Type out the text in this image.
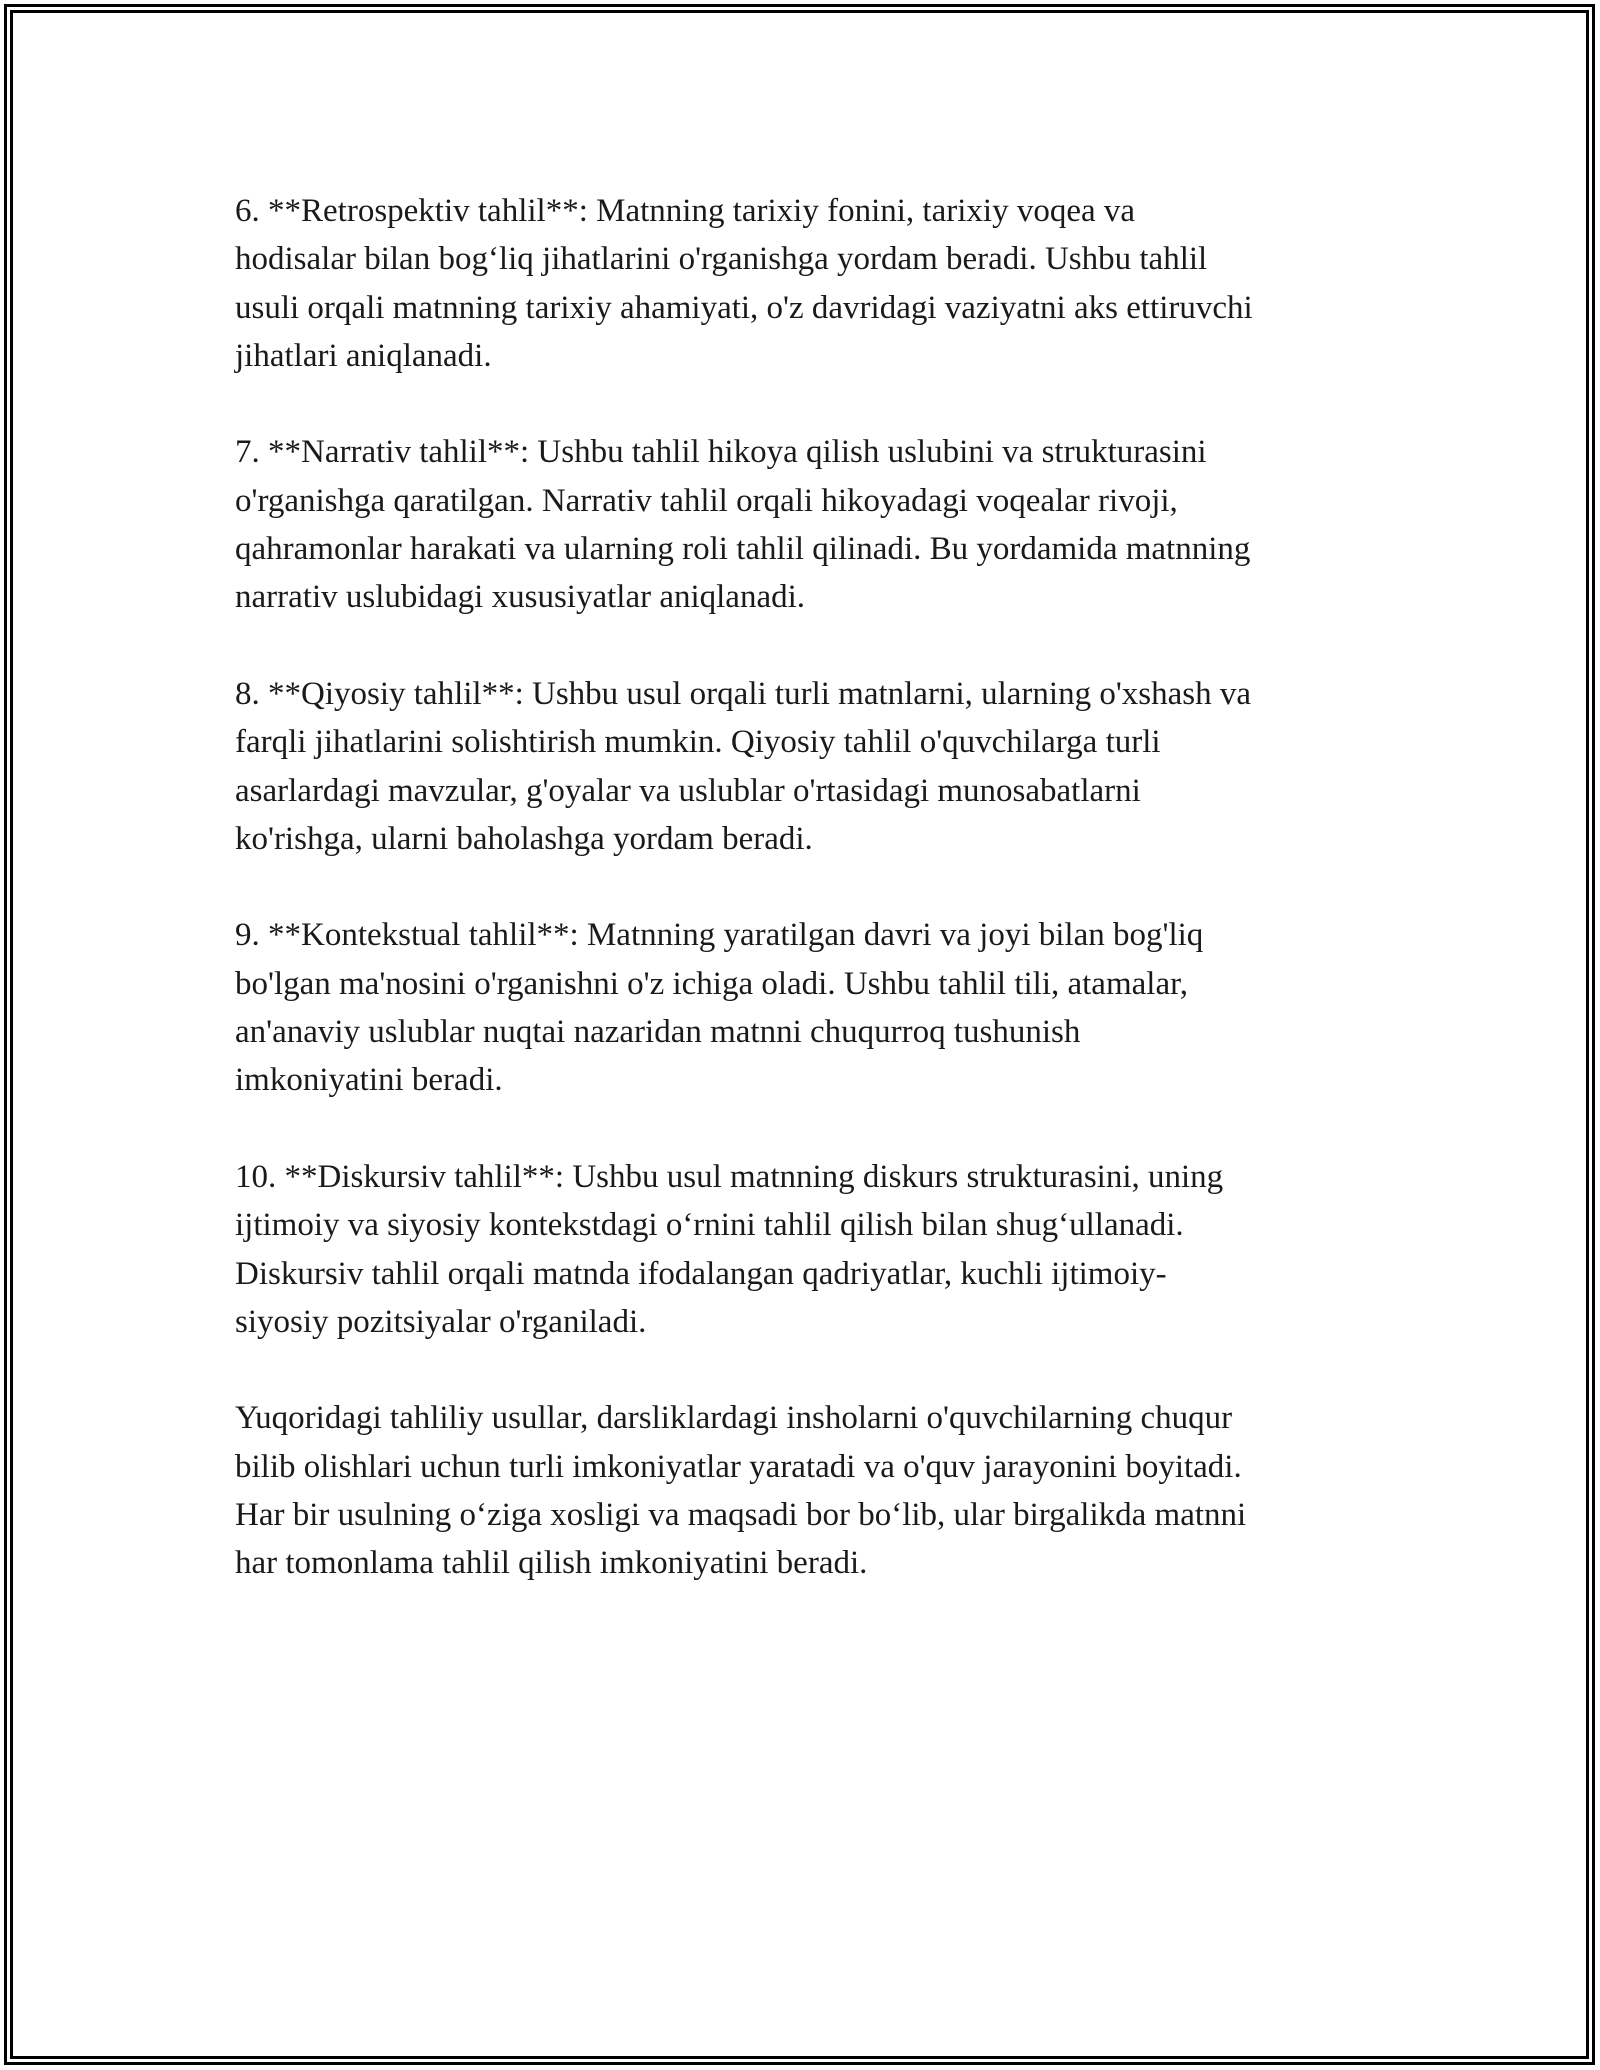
6. **Retrospektiv tahlil**: Matnning tarixiy fonini, tarixiy voqea va
hodisalar bilan bog‘liq jihatlarini o'rganishga yordam beradi. Ushbu tahlil
usuli orqali matnning tarixiy ahamiyati, o'z davridagi vaziyatni aks ettiruvchi
jihatlari aniqlanadi.

7. **Narrativ tahlil**: Ushbu tahlil hikoya qilish uslubini va strukturasini
o'rganishga qaratilgan. Narrativ tahlil orqali hikoyadagi voqealar rivoji,
qahramonlar harakati va ularning roli tahlil qilinadi. Bu yordamida matnning
narrativ uslubidagi xususiyatlar aniqlanadi.

8. **Qiyosiy tahlil**: Ushbu usul orqali turli matnlarni, ularning o'xshash va
farqli jihatlarini solishtirish mumkin. Qiyosiy tahlil o'quvchilarga turli
asarlardagi mavzular, g'oyalar va uslublar o'rtasidagi munosabatlarni
ko'rishga, ularni baholashga yordam beradi.

9. **Kontekstual tahlil**: Matnning yaratilgan davri va joyi bilan bog'liq
bo'lgan ma'nosini o'rganishni o'z ichiga oladi. Ushbu tahlil tili, atamalar,
an'anaviy uslublar nuqtai nazaridan matnni chuqurroq tushunish
imkoniyatini beradi.

10. **Diskursiv tahlil**: Ushbu usul matnning diskurs strukturasini, uning
ijtimoiy va siyosiy kontekstdagi o‘rnini tahlil qilish bilan shug‘ullanadi.
Diskursiv tahlil orqali matnda ifodalangan qadriyatlar, kuchli ijtimoiy-
siyosiy pozitsiyalar o'rganiladi.

Yuqoridagi tahliliy usullar, darsliklardagi insholarni o'quvchilarning chuqur
bilib olishlari uchun turli imkoniyatlar yaratadi va o'quv jarayonini boyitadi.
Har bir usulning o‘ziga xosligi va maqsadi bor bo‘lib, ular birgalikda matnni
har tomonlama tahlil qilish imkoniyatini beradi.
